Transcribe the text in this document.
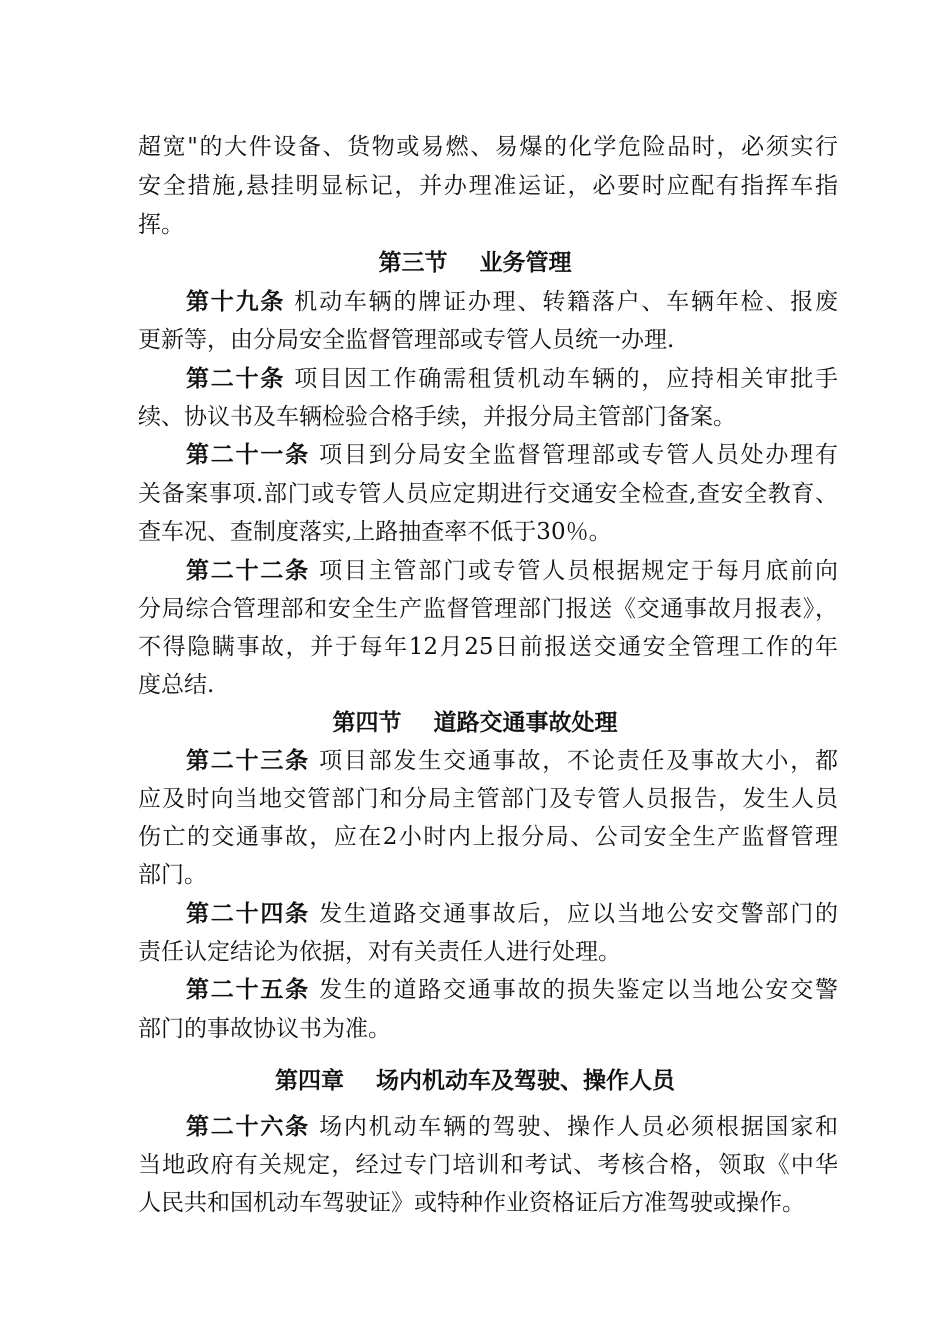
超宽"的大件设备、货物或易燃、易爆的化学危险品时，必须实行
安全措施,悬挂明显标记，并办理准运证，必要时应配有指挥车指
挥。
第三节    业务管理
第十九条 机动车辆的牌证办理、转籍落户、车辆年检、报废
更新等，由分局安全监督管理部或专管人员统一办理.
第二十条 项目因工作确需租赁机动车辆的，应持相关审批手
续、协议书及车辆检验合格手续，并报分局主管部门备案。
第二十一条 项目到分局安全监督管理部或专管人员处办理有
关备案事项.部门或专管人员应定期进行交通安全检查,查安全教育、
查车况、查制度落实,上路抽查率不低于30％。
第二十二条 项目主管部门或专管人员根据规定于每月底前向
分局综合管理部和安全生产监督管理部门报送《交通事故月报表》，
不得隐瞒事故，并于每年12月25日前报送交通安全管理工作的年
度总结.
第四节    道路交通事故处理
第二十三条 项目部发生交通事故，不论责任及事故大小，都
应及时向当地交管部门和分局主管部门及专管人员报告，发生人员
伤亡的交通事故，应在2小时内上报分局、公司安全生产监督管理
部门。
第二十四条 发生道路交通事故后，应以当地公安交警部门的
责任认定结论为依据，对有关责任人进行处理。
第二十五条 发生的道路交通事故的损失鉴定以当地公安交警
部门的事故协议书为准。
第四章    场内机动车及驾驶、操作人员
第二十六条 场内机动车辆的驾驶、操作人员必须根据国家和
当地政府有关规定，经过专门培训和考试、考核合格，领取《中华
人民共和国机动车驾驶证》或特种作业资格证后方准驾驶或操作。
